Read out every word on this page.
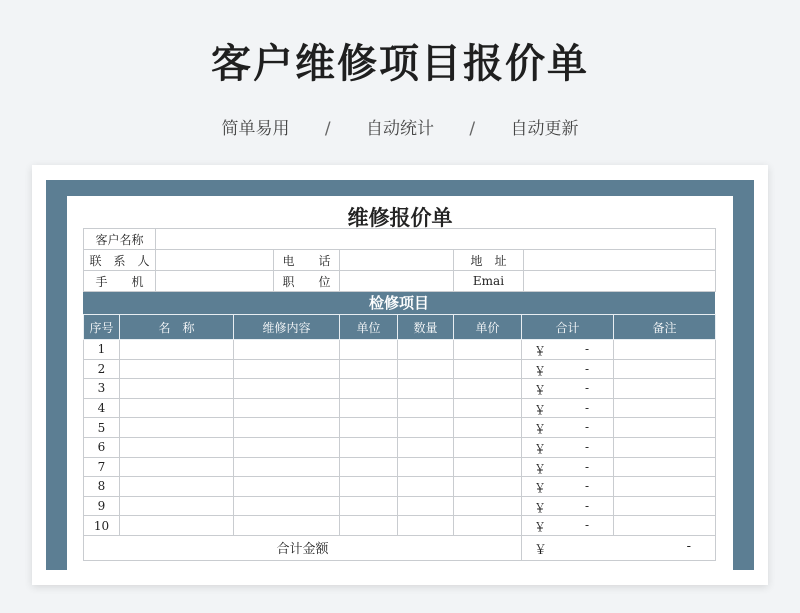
客户维修项目报价单
简单易用 / 自动统计 / 自动更新
维修报价单
客户名称					
联　系　人		电　　话		地　址	
手　　机		职　　位		Emai	
检修项目
序号	名　称	维修内容	单位	数量	单价	合计	备注
1						￥ -	

2						￥ -	

3						￥ -	

4						￥ -	

5						￥ -	

6						￥ -	

7						￥ -	

8						￥ -	

9						￥ -	

10						￥ -	

合计金额						￥ -	
